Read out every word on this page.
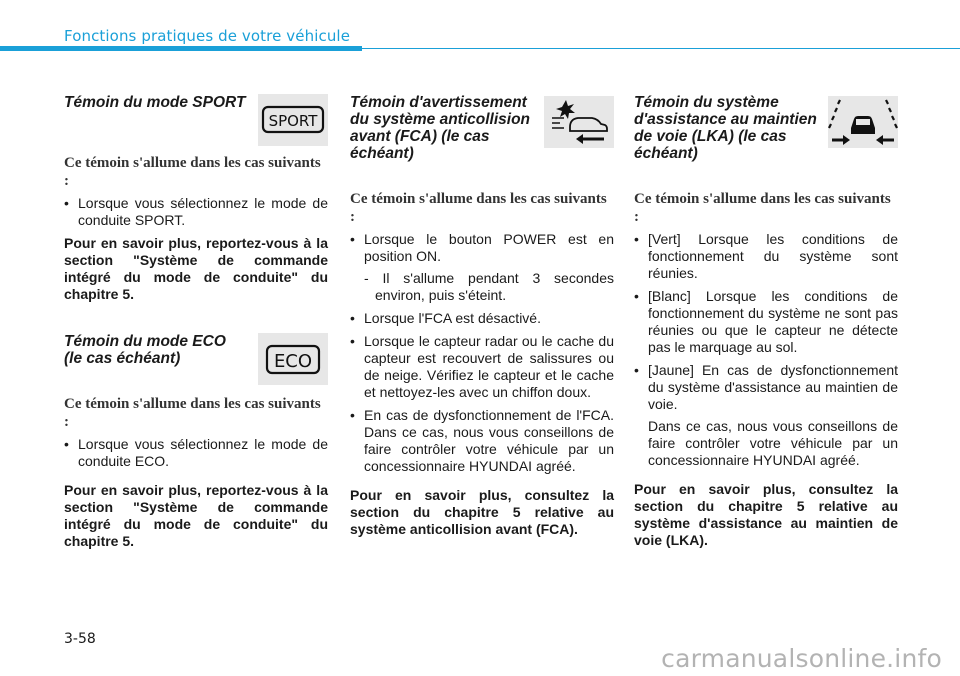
Fonctions pratiques de votre véhicule

Témoin du mode SPORT

SPORT

Ce témoin s'allume dans les cas suivants :

• Lorsque vous sélectionnez le mode de conduite SPORT.

Pour en savoir plus, reportez-vous à la section "Système de commande intégré du mode de conduite" du chapitre 5.

Témoin du mode ECO (le cas échéant)	ECO

Ce témoin s'allume dans les cas suivants :

• Lorsque vous sélectionnez le mode de conduite ECO.

Pour en savoir plus, reportez-vous à la section "Système de commande intégré du mode de conduite" du chapitre 5.

Témoin d'avertissement du système anticollision avant (FCA) (le cas échéant)

Ce témoin s'allume dans les cas suivants :

• Lorsque le bouton POWER est en position ON.
- Il s'allume pendant 3 secondes environ, puis s'éteint.
• Lorsque l'FCA est désactivé.
• Lorsque le capteur radar ou le cache du capteur est recouvert de salissures ou de neige. Vérifiez le capteur et le cache et nettoyez-les avec un chiffon doux.
• En cas de dysfonctionnement de l'FCA. Dans ce cas, nous vous conseillons de faire contrôler votre véhicule par un concessionnaire HYUNDAI agréé.

Pour en savoir plus, consultez la section du chapitre 5 relative au système anticollision avant (FCA).

Témoin du système d'assistance au maintien de voie (LKA) (le cas échéant)

Ce témoin s'allume dans les cas suivants :

• [Vert] Lorsque les conditions de fonctionnement du système sont réunies.
• [Blanc] Lorsque les conditions de fonctionnement du système ne sont pas réunies ou que le capteur ne détecte pas le marquage au sol.
• [Jaune] En cas de dysfonctionnement du système d'assistance au maintien de voie.
Dans ce cas, nous vous conseillons de faire contrôler votre véhicule par un concessionnaire HYUNDAI agréé.

Pour en savoir plus, consultez la section du chapitre 5 relative au système d'assistance au maintien de voie (LKA).

3-58
carmanualsonline.info
